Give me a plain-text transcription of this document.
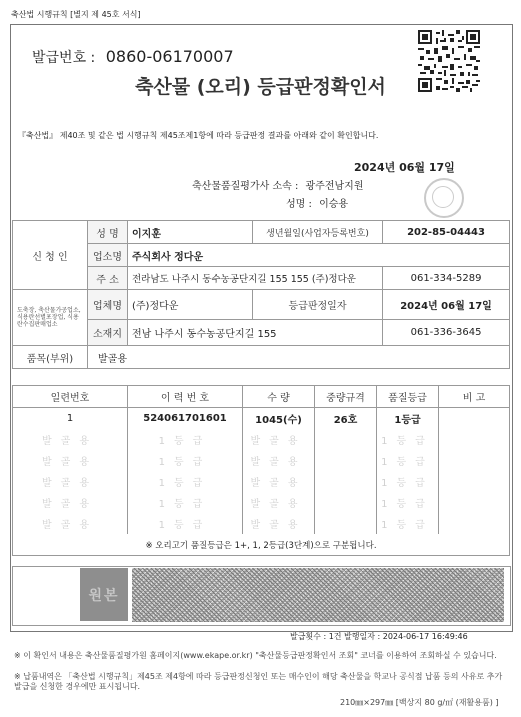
축산법 시행규칙 [별지 제 45호 서식]
발급번호 : 0860-06170007
축산물 (오리) 등급판정확인서
『축산법』 제40조 및 같은 법 시행규칙 제45조제1항에 따라 등급판정 결과를 아래와 같이 확인합니다.
2024년 06월 17일
축산물품질평가사 소속 : 광주전남지원
성명 : 이승용
신 청 인	성 명	이지훈	생년월일(사업자등록번호)	202-85-04443
	업소명	주식회사 정다운		
	주 소	전라남도 나주시 동수농공단지길 155 155 (주)정다운		061-334-5289
도축장, 축산물가공업소, 식용란선별포장업, 식용란수집판매업소	업체명	(주)정다운	등급판정일자	2024년 06월 17일
	소재지	전남 나주시 동수농공단지길 155		061-336-3645
품목(부위)	발골용			
일련번호	이 력 번 호	수 량	중량규격	품질등급	비 고
1	524061701601	1045(수)	26호	1등급	
발골용	1등급	발골용		1등급	
발골용	1등급	발골용		1등급	
발골용	1등급	발골용		1등급	
발골용	1등급	발골용		1등급	
발골용	1등급	발골용		1등급	
※ 오리고기 품질등급은 1+, 1, 2등급(3단계)으로 구분됩니다.					
원본
발급횟수 : 1건 발행일자 : 2024-06-17 16:49:46
※ 이 확인서 내용은 축산물품질평가원 홈페이지(www.ekape.or.kr) "축산물등급판정확인서 조회" 코너를 이용하여 조회하실 수 있습니다.
※ 납품내역은 「축산법 시행규칙」제45조 제4항에 따라 등급판정신청인 또는 매수인이 해당 축산물을 학교나 공식점 납품 등의 사유로 추가 발급을 신청한 경우에만 표시됩니다.
210㎜×297㎜ [백상지 80 g/㎡ (재활용품) ]
